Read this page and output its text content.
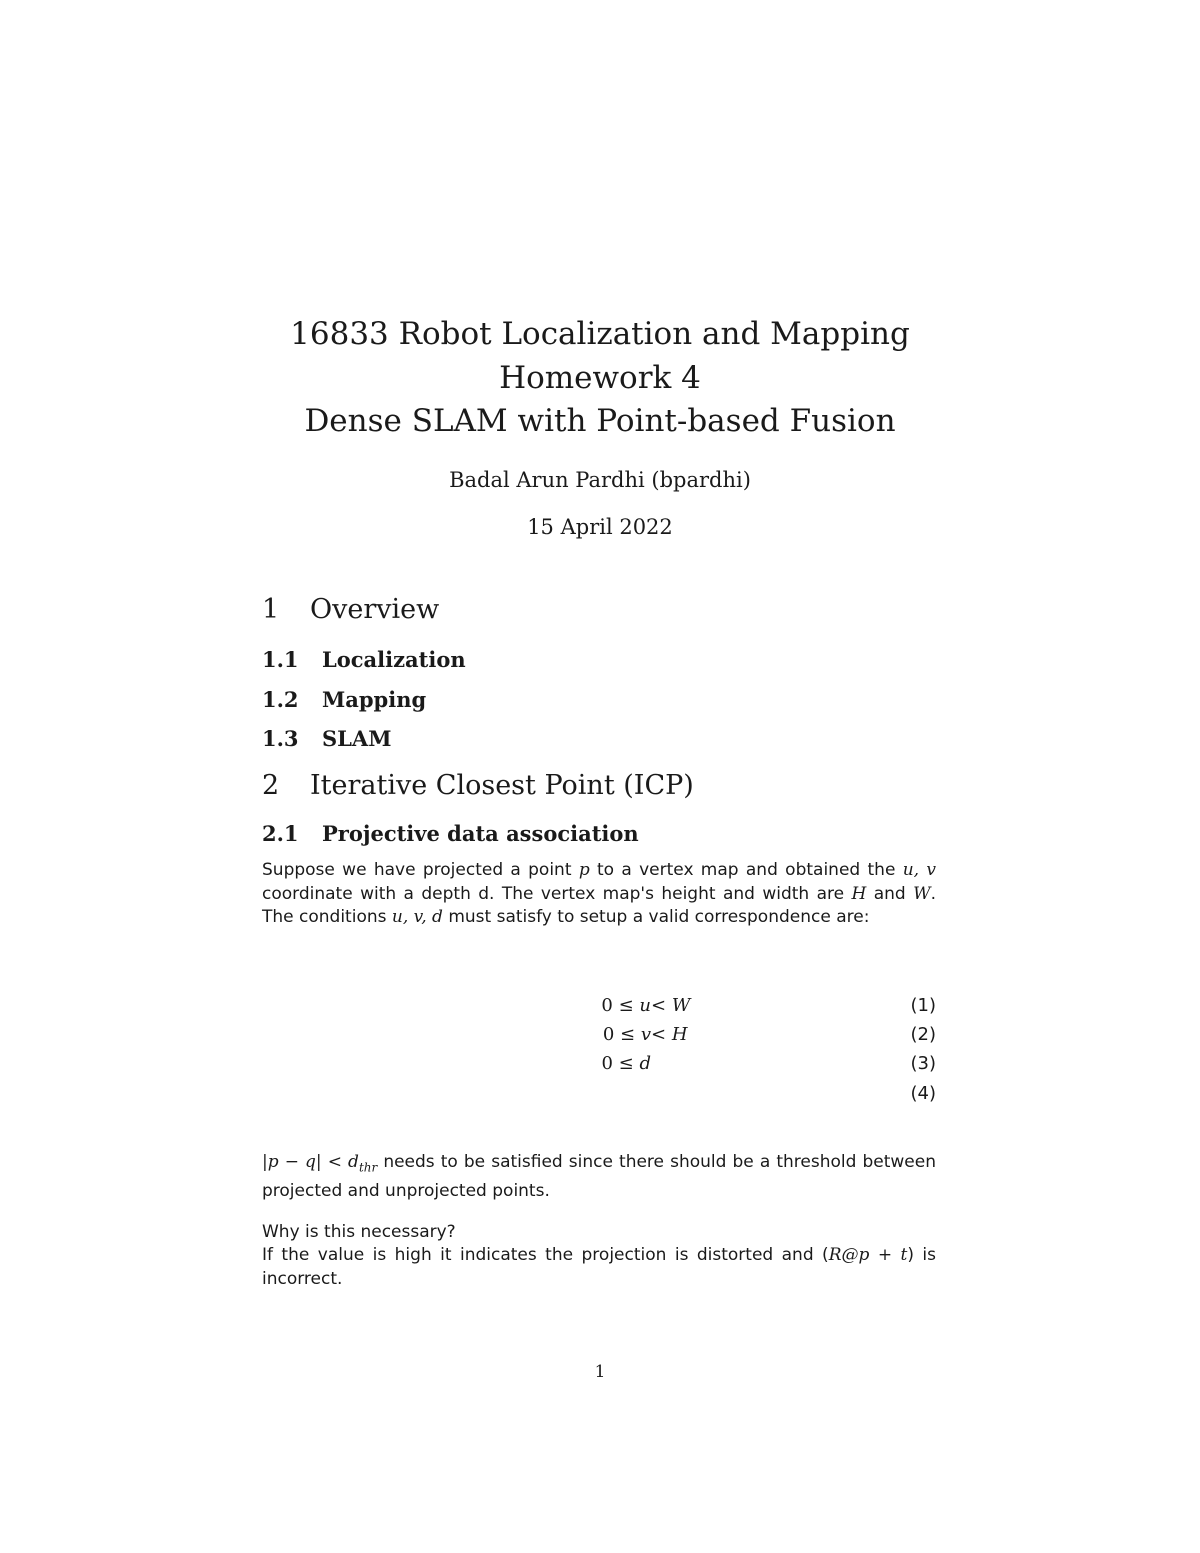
16833 Robot Localization and Mapping
Homework 4
Dense SLAM with Point-based Fusion
Badal Arun Pardhi (bpardhi)
15 April 2022
1 Overview
1.1 Localization
1.2 Mapping
1.3 SLAM
2 Iterative Closest Point (ICP)
2.1 Projective data association
Suppose we have projected a point p to a vertex map and obtained the u, v coordinate with a depth d. The vertex map's height and width are H and W. The conditions u, v, d must satisfy to setup a valid correspondence are:
0 ≤ u < W	(1)
0 ≤ v < H	(2)
0 ≤ d	(3)
(4)
$|p - q| < d_{thr}$ needs to be satisfied since there should be a threshold between projected and unprojected points.
Why is this necessary?
If the value is high it indicates the projection is distorted and (R@p + t) is incorrect.
1
